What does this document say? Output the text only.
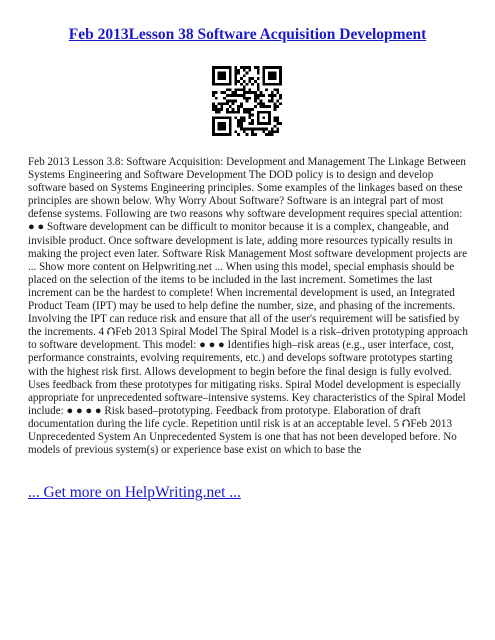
Feb 2013Lesson 38 Software Acquisition Development
Feb 2013 Lesson 3.8: Software Acquisition: Development and Management The Linkage Between Systems Engineering and Software Development The DOD policy is to design and develop software based on Systems Engineering principles. Some examples of the linkages based on these principles are shown below. Why Worry About Software? Software is an integral part of most defense systems. Following are two reasons why software development requires special attention: ● ● Software development can be difficult to monitor because it is a complex, changeable, and invisible product. Once software development is late, adding more resources typically results in making the project even later. Software Risk Management Most software development projects are ... Show more content on Helpwriting.net ... When using this model, special emphasis should be placed on the selection of the items to be included in the last increment. Sometimes the last increment can be the hardest to complete! When incremental development is used, an Integrated Product Team (IPT) may be used to help define the number, size, and phasing of the increments. Involving the IPT can reduce risk and ensure that all of the user's requirement will be satisfied by the increments. 4 ⮉Feb 2013 Spiral Model The Spiral Model is a risk–driven prototyping approach to software development. This model: ● ● ● Identifies high–risk areas (e.g., user interface, cost, performance constraints, evolving requirements, etc.) and develops software prototypes starting with the highest risk first. Allows development to begin before the final design is fully evolved. Uses feedback from these prototypes for mitigating risks. Spiral Model development is especially appropriate for unprecedented software–intensive systems. Key characteristics of the Spiral Model include: ● ● ● ● Risk based–prototyping. Feedback from prototype. Elaboration of draft documentation during the life cycle. Repetition until risk is at an acceptable level. 5 ⮉Feb 2013 Unprecedented System An Unprecedented System is one that has not been developed before. No models of previous system(s) or experience base exist on which to base the
... Get more on HelpWriting.net ...
